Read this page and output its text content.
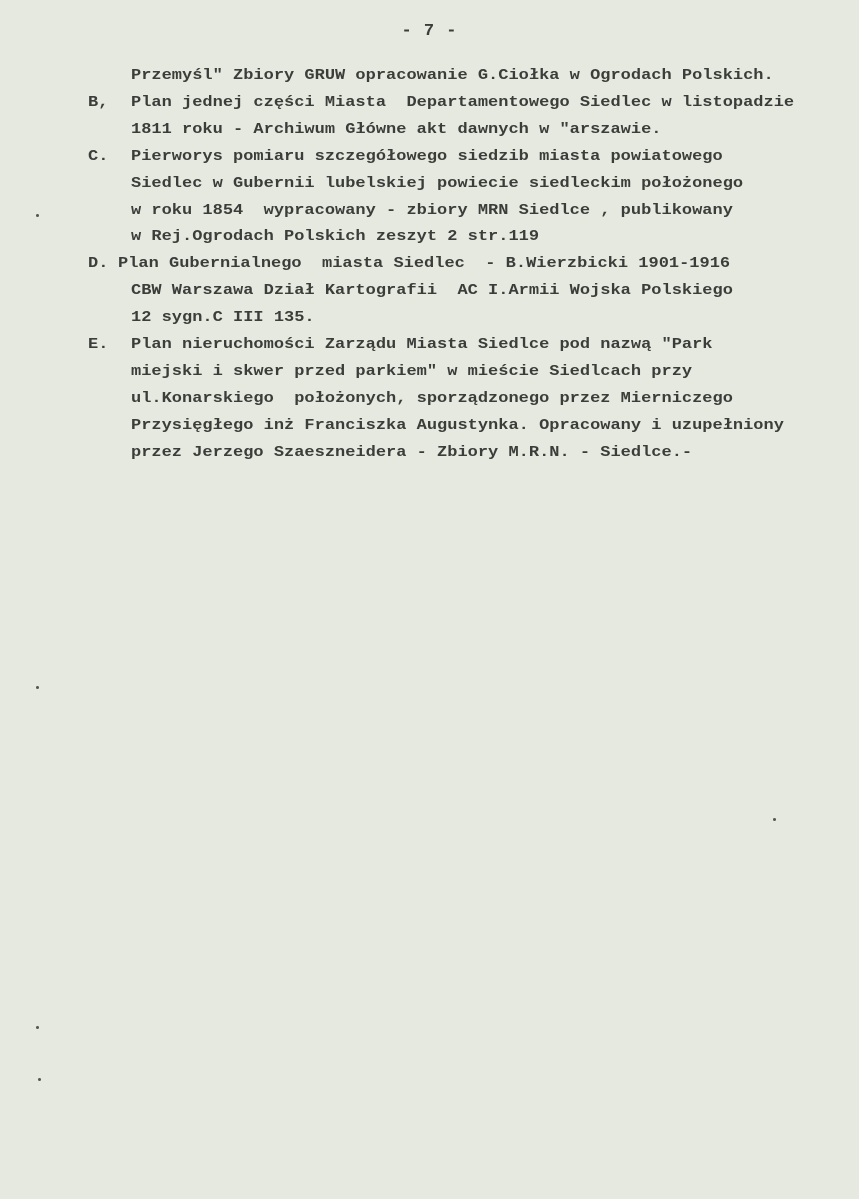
- 7 -
Przemyśl" Zbiory GRUW opracowanie G.Ciołka w Ogrodach Polskich.
B, Plan jednej części Miasta  Departamentowego Siedlec w listopadzie
1811 roku - Archiwum Główne akt dawnych w "arszawie.
C. Pierworys pomiaru szczegółowego siedzib miasta powiatowego
Siedlec w Gubernii lubelskiej powiecie siedleckim położonego
w roku 1854  wypracowany - zbiory MRN Siedlce , publikowany
w Rej.Ogrodach Polskich zeszyt 2 str.119
D. Plan Gubernialnego  miasta Siedlec  - B.Wierzbicki 1901-1916
CBW Warszawa Dział Kartografii  AC I.Armii Wojska Polskiego
12 sygn.C III 135.
E. Plan nieruchomości Zarządu Miasta Siedlce pod nazwą "Park
miejski i skwer przed parkiem" w mieście Siedlcach przy
ul.Konarskiego  położonych, sporządzonego przez Mierniczego
Przysięgłego inż Franciszka Augustynka. Opracowany i uzupełniony
przez Jerzego Szaeszneidera - Zbiory M.R.N. - Siedlce.-
